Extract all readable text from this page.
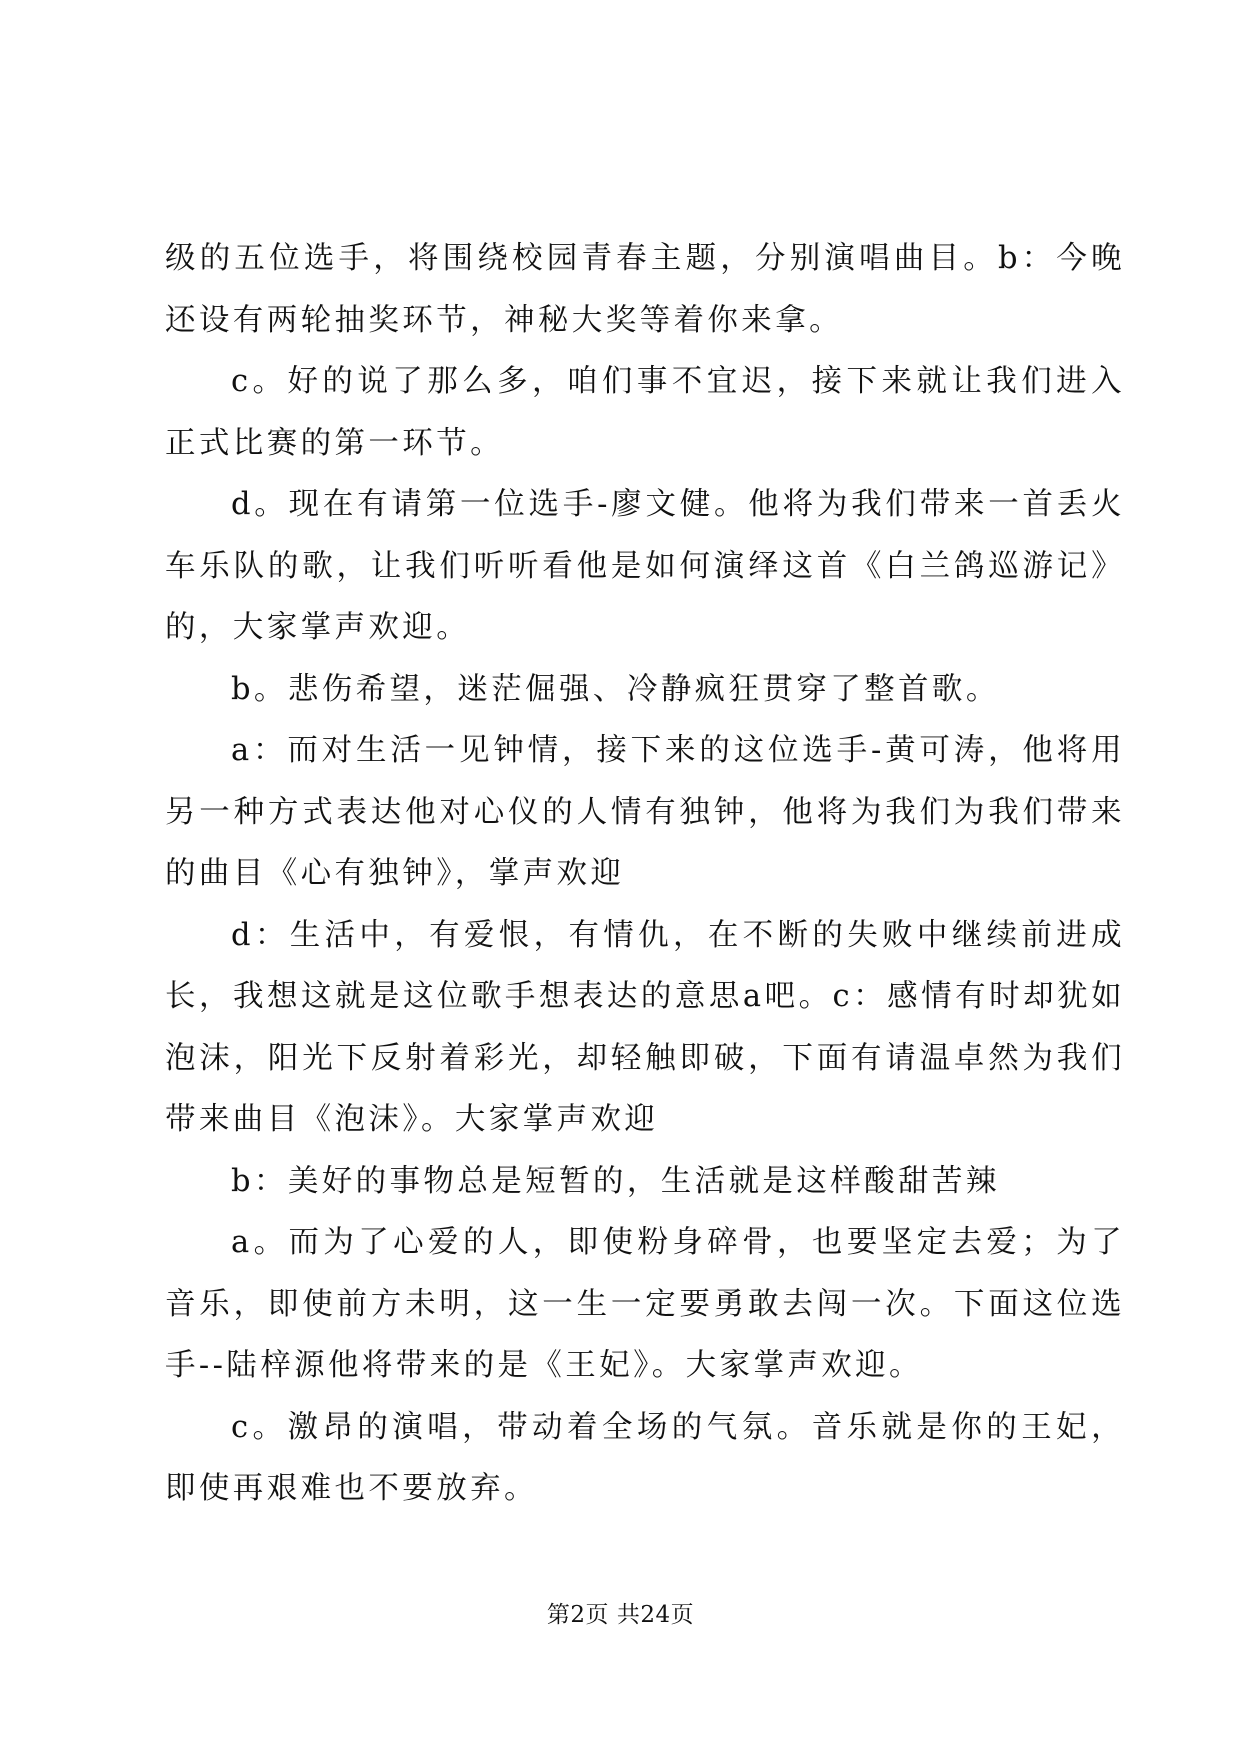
级的五位选手，将围绕校园青春主题，分别演唱曲目。b：今晚还设有两轮抽奖环节，神秘大奖等着你来拿。

c。好的说了那么多，咱们事不宜迟，接下来就让我们进入正式比赛的第一环节。

d。现在有请第一位选手-廖文健。他将为我们带来一首丢火车乐队的歌，让我们听听看他是如何演绎这首《白兰鸽巡游记》的，大家掌声欢迎。

b。悲伤希望，迷茫倔强、冷静疯狂贯穿了整首歌。

a：而对生活一见钟情，接下来的这位选手-黄可涛，他将用另一种方式表达他对心仪的人情有独钟，他将为我们为我们带来的曲目《心有独钟》，掌声欢迎

d：生活中，有爱恨，有情仇，在不断的失败中继续前进成长，我想这就是这位歌手想表达的意思a吧。c：感情有时却犹如泡沫，阳光下反射着彩光，却轻触即破，下面有请温卓然为我们带来曲目《泡沫》。大家掌声欢迎

b：美好的事物总是短暂的，生活就是这样酸甜苦辣

a。而为了心爱的人，即使粉身碎骨，也要坚定去爱；为了音乐，即使前方未明，这一生一定要勇敢去闯一次。下面这位选手--陆梓源他将带来的是《王妃》。大家掌声欢迎。

c。激昂的演唱，带动着全场的气氛。音乐就是你的王妃，即使再艰难也不要放弃。

第2页 共24页
